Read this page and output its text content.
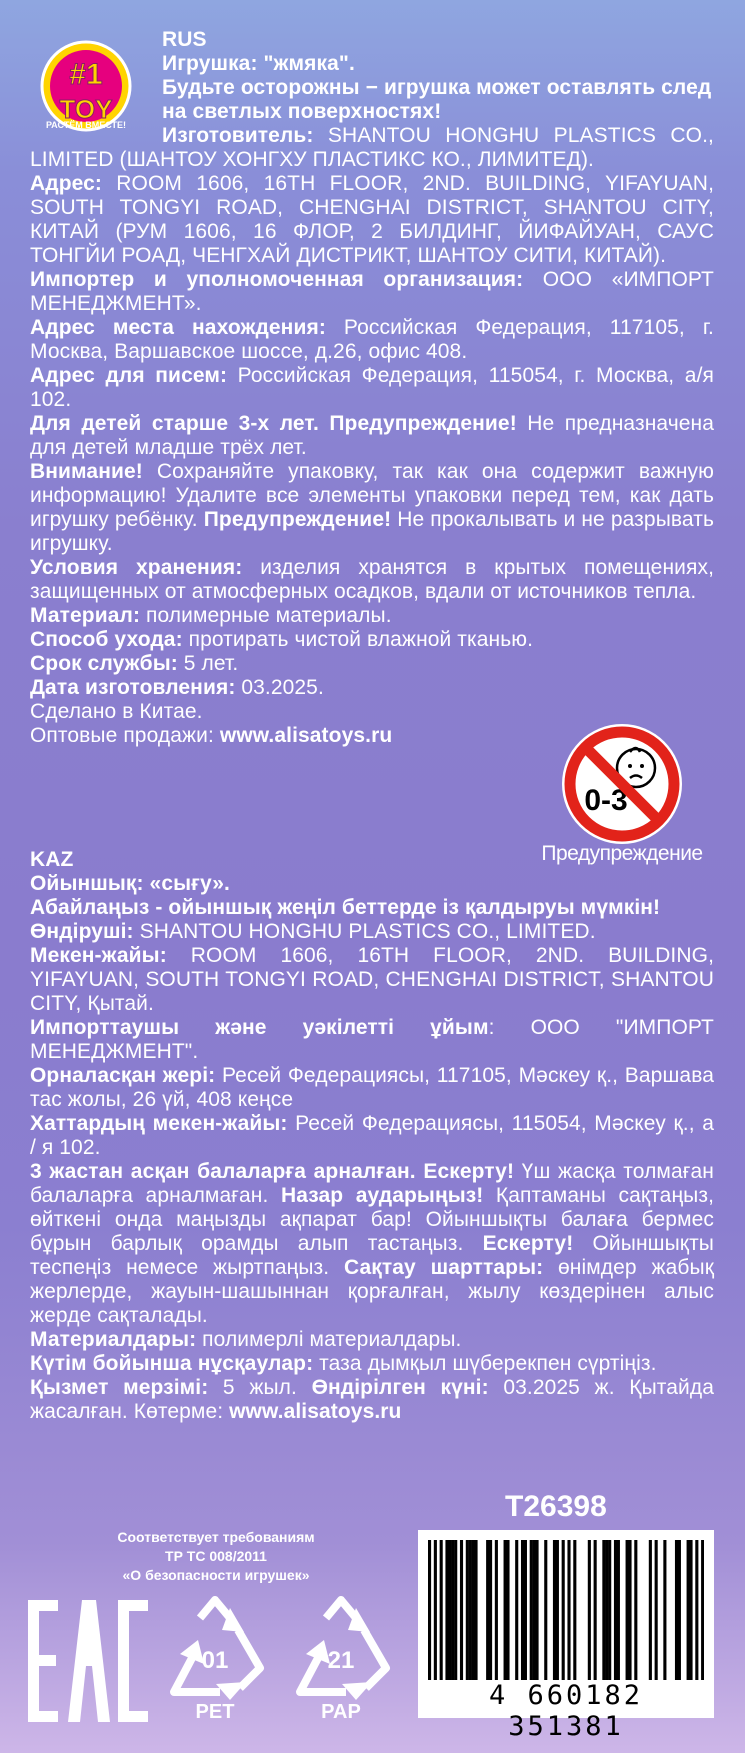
#1
TOY
РАСТЁМ ВМЕСТЕ!

RUS

Игрушка: "жмяка".

Будьте осторожны − игрушка может оставлять след на светлых поверхностях!

Изготовитель: SHANTOU HONGHU PLASTICS CO., LIMITED (ШАНТОУ ХОНГХУ ПЛАСТИКС КО., ЛИМИТЕД).

Адрес: ROOM 1606, 16TH FLOOR, 2ND. BUILDING, YIFAYUAN, SOUTH TONGYI ROAD, CHENGHAI DISTRICT, SHANTOU CITY, КИТАЙ (РУМ 1606, 16 ФЛОР, 2 БИЛДИНГ, ЙИФАЙУАН, САУС ТОНГЙИ РОАД, ЧЕНГХАЙ ДИСТРИКТ, ШАНТОУ СИТИ, КИТАЙ).

Импортер и уполномоченная организация: ООО «ИМПОРТ МЕНЕДЖМЕНТ».

Адрес места нахождения: Российская Федерация, 117105, г. Москва, Варшавское шоссе, д.26, офис 408.

Адрес для писем: Российская Федерация, 115054, г. Москва, а/я 102.

Для детей старше 3-х лет. Предупреждение! Не предназначена для детей младше трёх лет.

Внимание! Сохраняйте упаковку, так как она содержит важную информацию! Удалите все элементы упаковки перед тем, как дать игрушку ребёнку. Предупреждение! Не прокалывать и не разрывать игрушку.

Условия хранения: изделия хранятся в крытых помещениях, защищенных от атмосферных осадков, вдали от источников тепла.

Материал: полимерные материалы.

Способ ухода: протирать чистой влажной тканью.

Срок службы: 5 лет.

Дата изготовления: 03.2025.

Сделано в Китае.

Оптовые продажи: www.alisatoys.ru

0-3
Предупреждение

KAZ

Ойыншық: «сығу».

Абайлаңыз - ойыншық жеңіл беттерде із қалдыруы мүмкін!

Өндіруші: SHANTOU HONGHU PLASTICS CO., LIMITED.

Мекен-жайы: ROOM 1606, 16TH FLOOR, 2ND. BUILDING, YIFAYUAN, SOUTH TONGYI ROAD, CHENGHAI DISTRICT, SHANTOU CITY, Қытай.

Импорттаушы және уәкілетті ұйым: ООО "ИМПОРТ МЕНЕДЖМЕНТ".

Орналасқан жері: Ресей Федерациясы, 117105, Мәскеу қ., Варшава тас жолы, 26 үй, 408 кеңсе

Хаттардың мекен-жайы: Ресей Федерациясы, 115054, Мәскеу қ., а / я 102.

3 жастан асқан балаларға арналған. Ескерту! Үш жасқа толмаған балаларға арналмаған. Назар аударыңыз! Қаптаманы сақтаңыз, өйткені онда маңызды ақпарат бар! Ойыншықты балаға бермес бұрын барлық орамды алып тастаңыз. Ескерту! Ойыншықты теспеңіз немесе жыртпаңыз. Сақтау шарттары: өнімдер жабық жерлерде, жауын-шашыннан қорғалған, жылу көздерінен алыс жерде сақталады.

Материалдары: полимерлі материалдары.

Күтім бойынша нұсқаулар: таза дымқыл шүберекпен сүртіңіз.

Қызмет мерзімі: 5 жыл. Өндірілген күні: 03.2025 ж. Қытайда жасалған. Көтерме: www.alisatoys.ru

T26398
Соответствует требованиям
ТР ТС 008/2011
«О безопасности игрушек»
EAC	01
PET
21
PAP
4 660182 351381
